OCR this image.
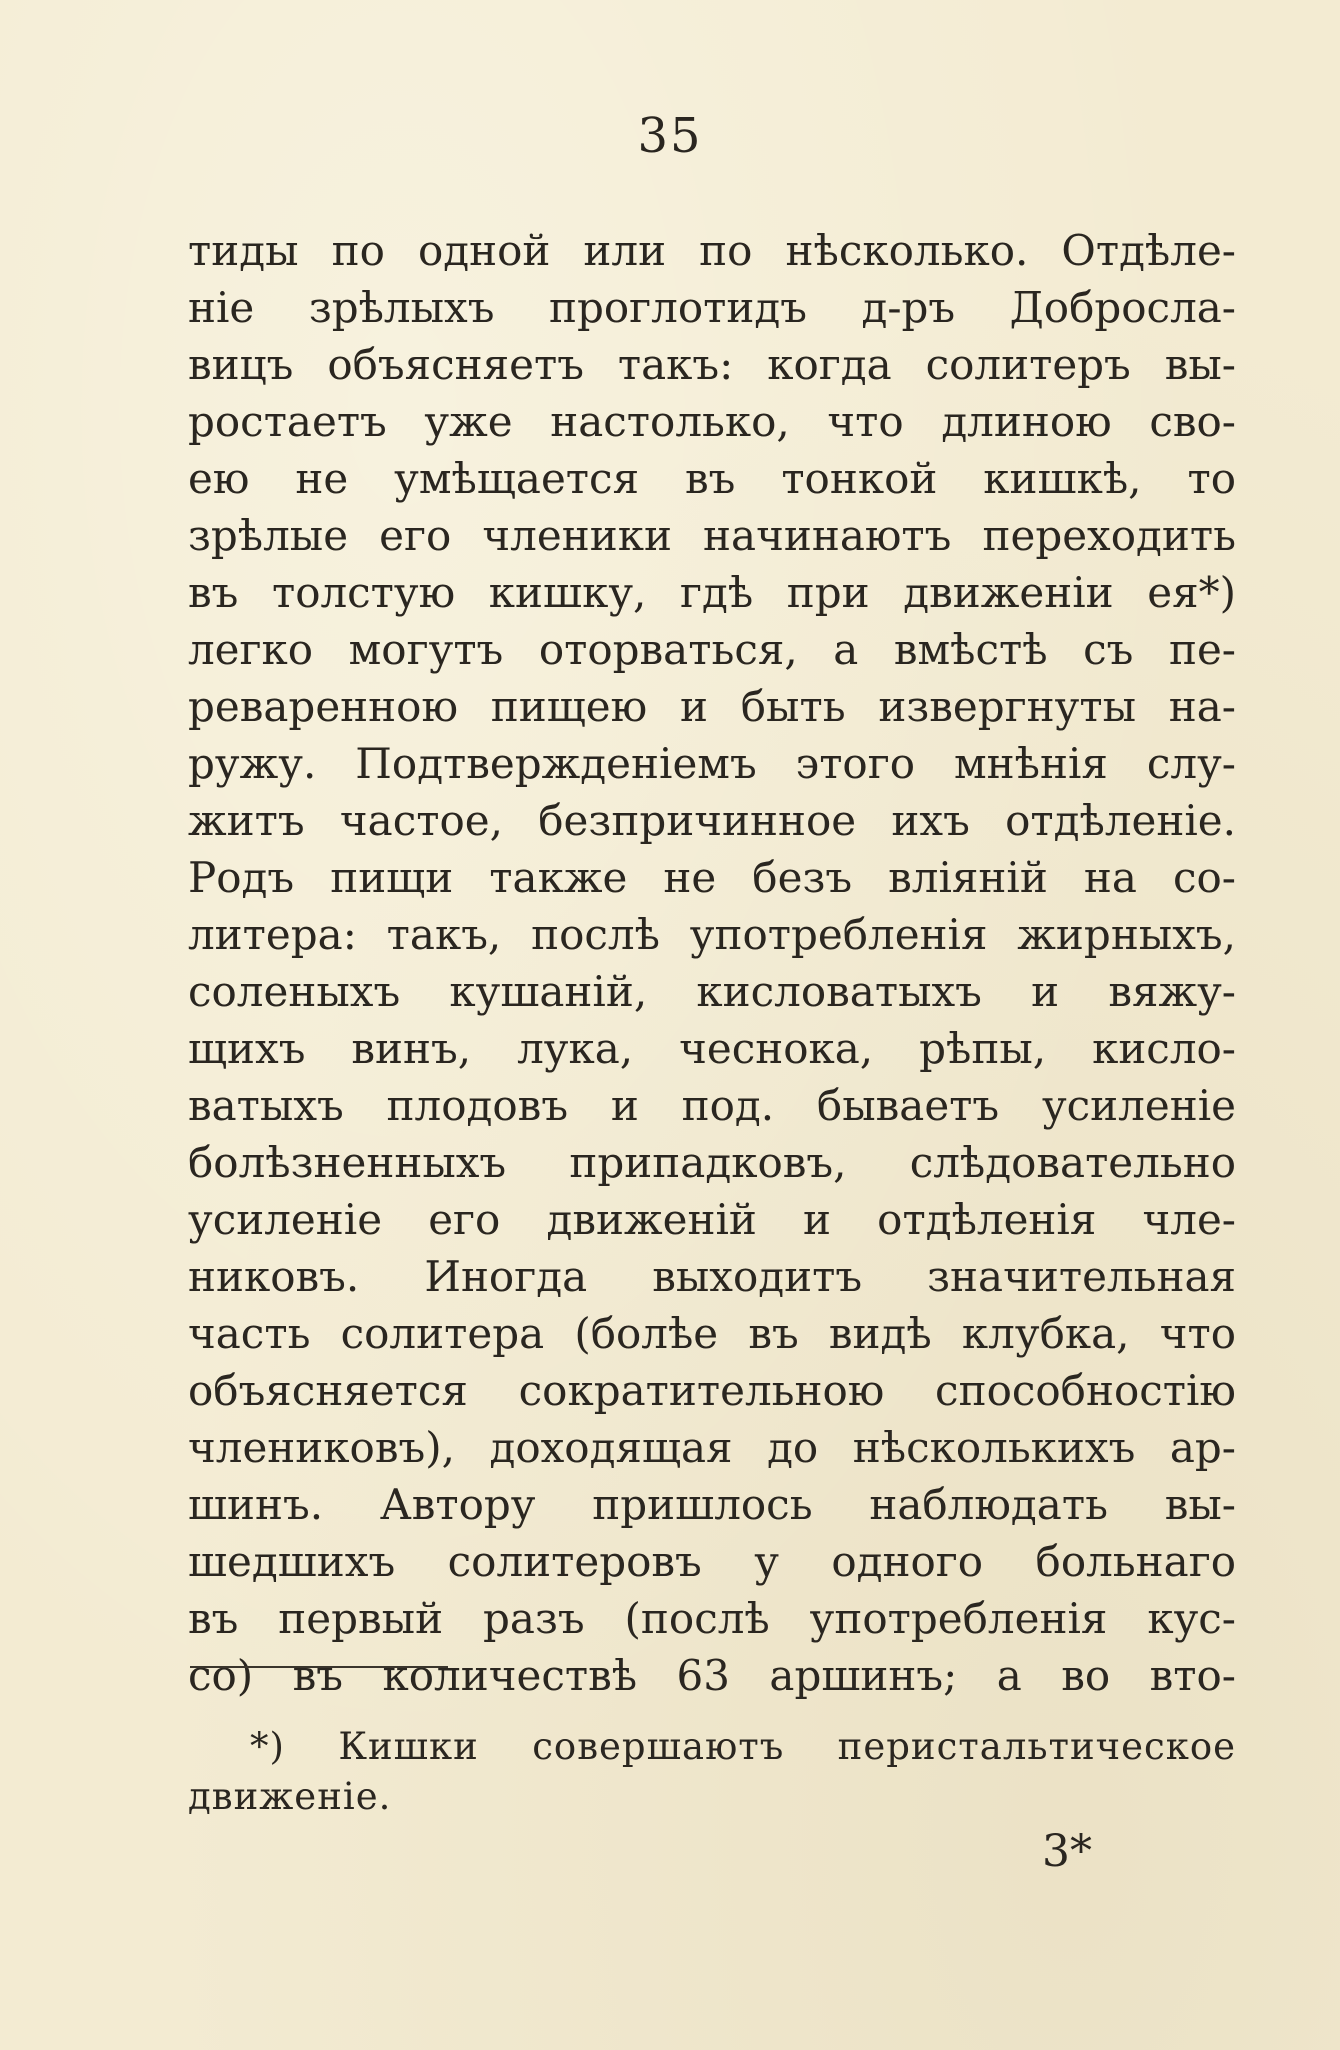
35
тиды по одной или по нѣсколько. Отдѣле-
ніе зрѣлыхъ проглотидъ д-ръ Доброслa-
вицъ объясняетъ такъ: когда солитеръ вы-
ростаетъ уже настолько, что длиною сво-
ею не умѣщается въ тонкой кишкѣ, то
зрѣлые его членики начинаютъ переходить
въ толстую кишку, гдѣ при движеніи ея*)
легко могутъ оторваться, а вмѣстѣ съ пе-
ревареннoю пищею и быть извергнуты на-
ружу. Подтвержденіемъ этого мнѣнія слу-
житъ частое, безпричинное ихъ отдѣленіе.
Родъ пищи также не безъ вліяній на со-
литера: такъ, послѣ употребленія жирныхъ,
соленыхъ кушаній, кисловатыхъ и вяжу-
щихъ винъ, лука, чеснока, рѣпы, кисло-
ватыхъ плодовъ и под. бываетъ усиленіе
болѣзненныхъ припадковъ, слѣдовательно
усиленіе его движеній и отдѣленія чле-
никовъ. Иногда выходитъ значительная
часть солитера (болѣе въ видѣ клубка, что
объясняется сократительною способностію
члениковъ), доходящая до нѣсколькихъ ар-
шинъ. Автору пришлось наблюдать вы-
шедшихъ солитеровъ у одного больнаго
въ первый разъ (послѣ употребленія кус-
со) въ количествѣ 63 аршинъ; а во вто-
*) Кишки совершаютъ перистальтическое
движеніе.
3*
